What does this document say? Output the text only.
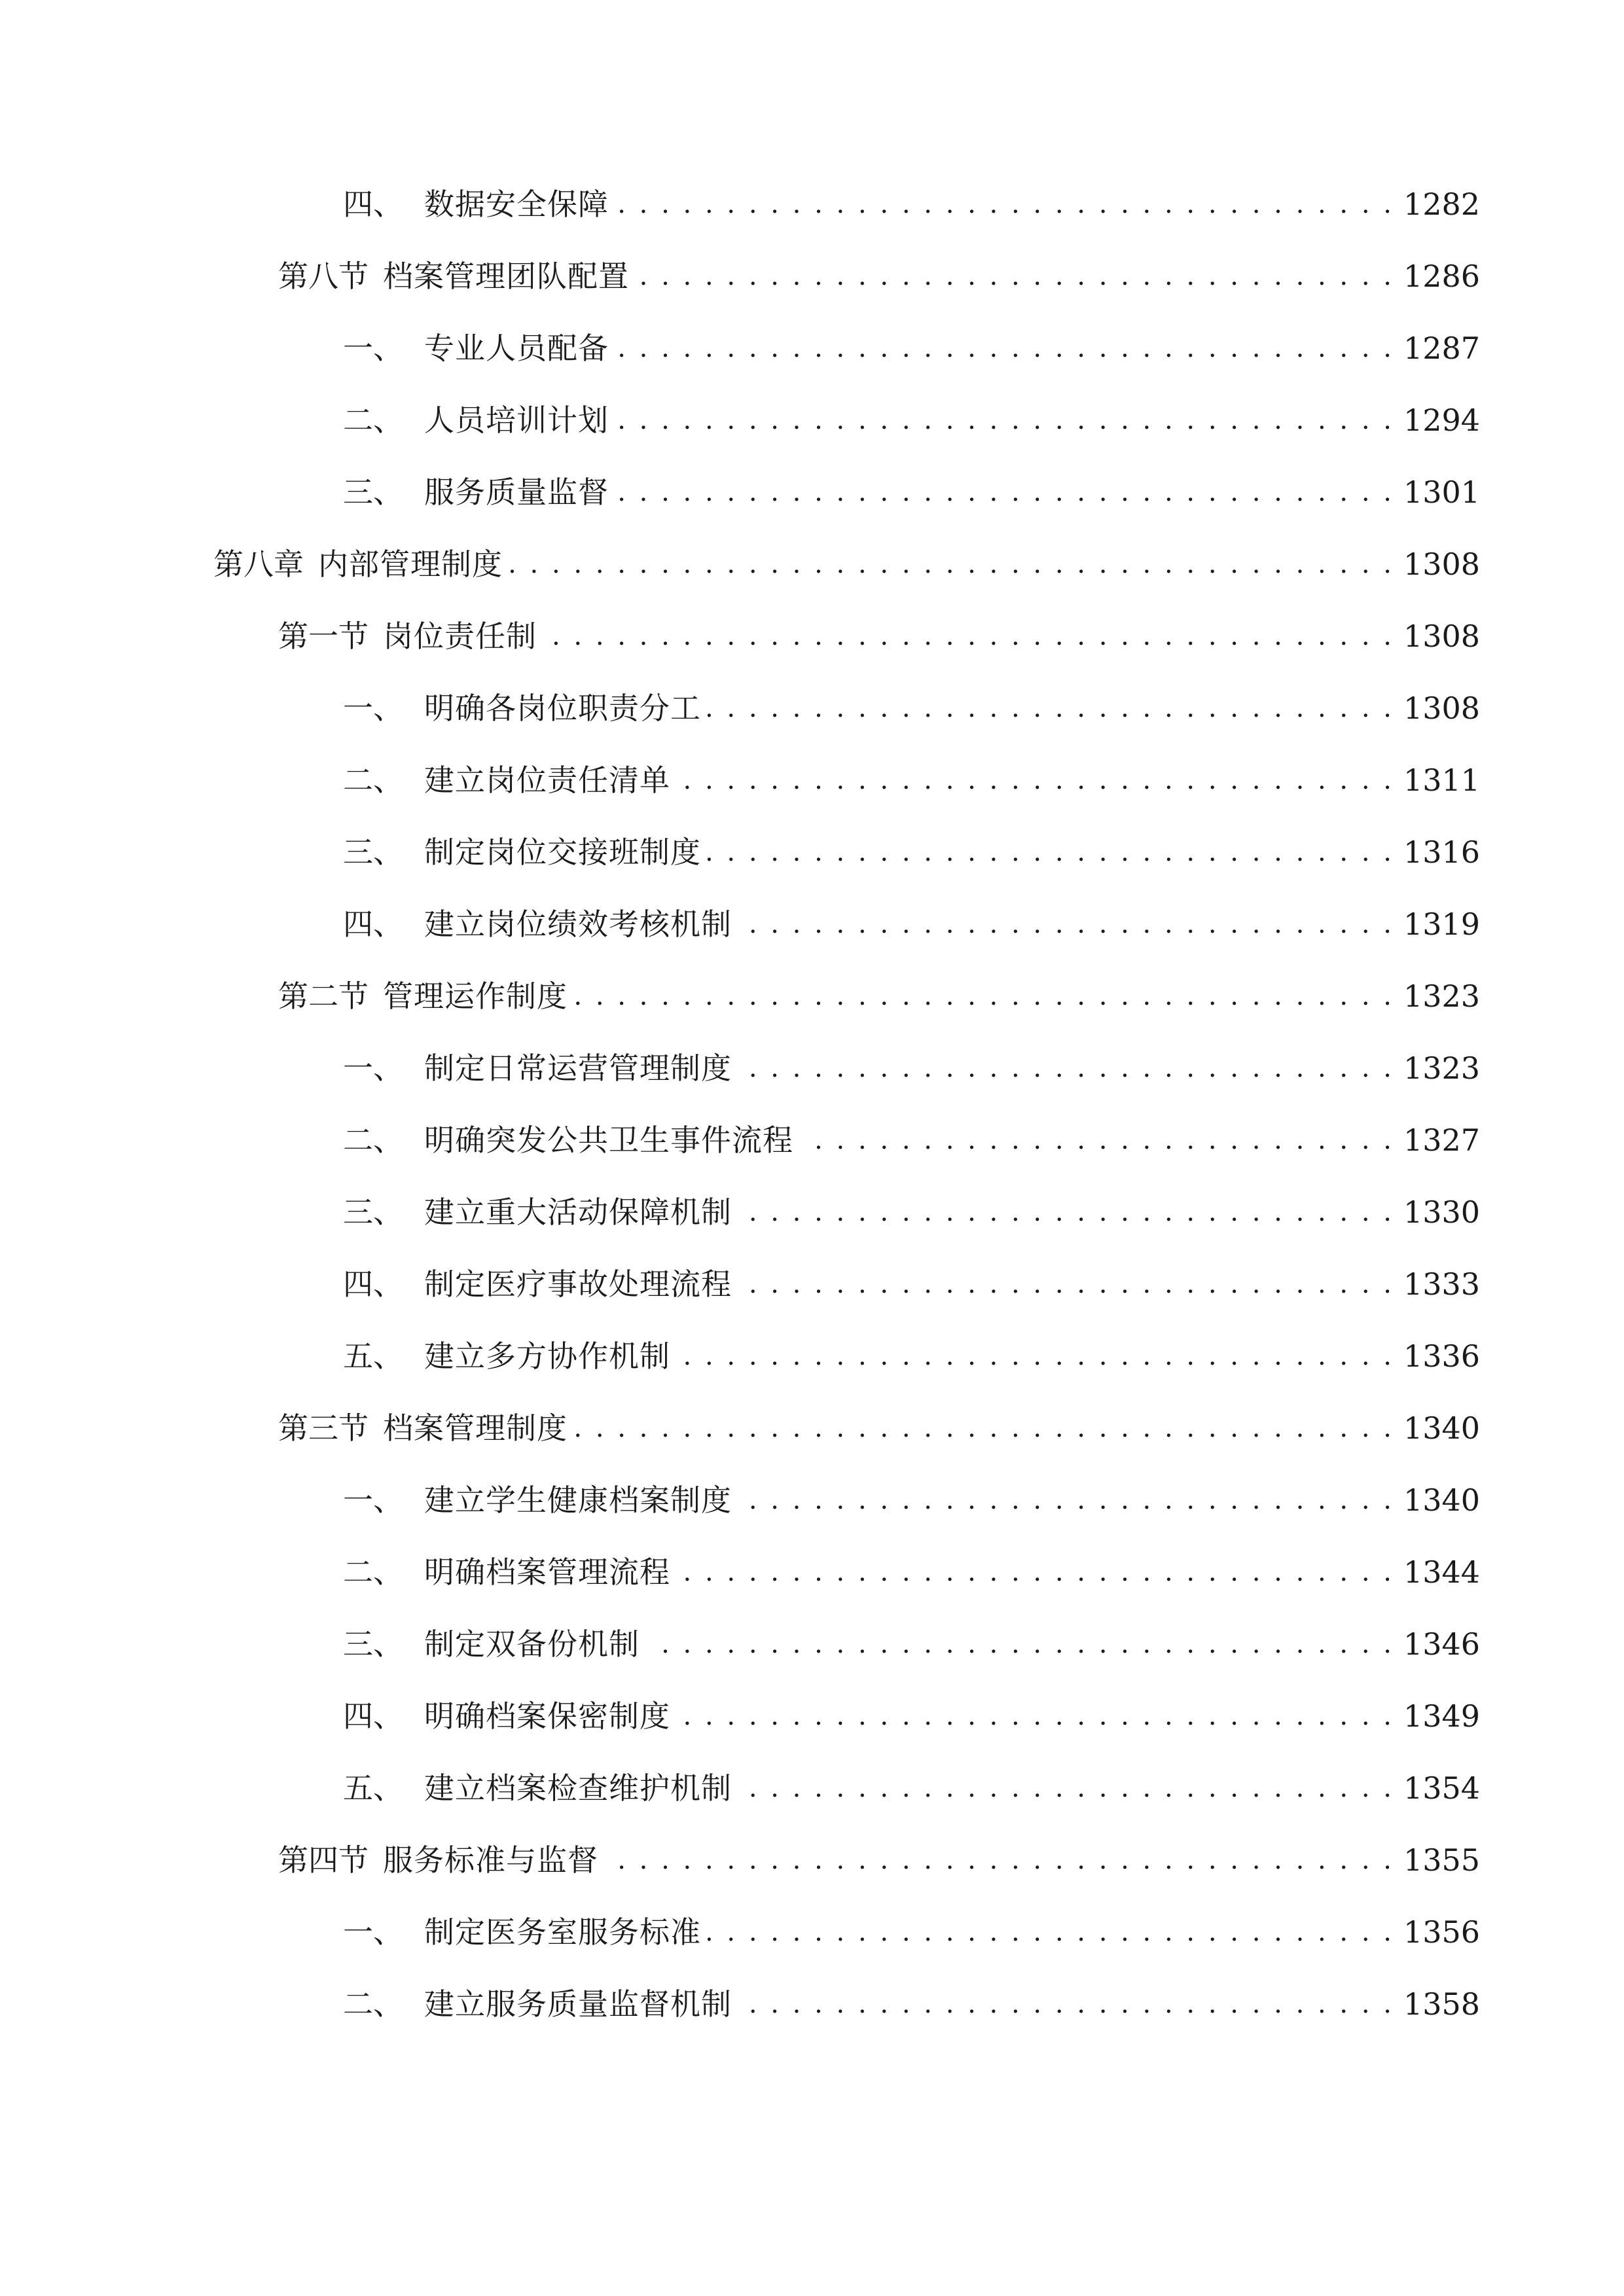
四、 数据安全保障 . . .	1282
第八节 档案管理团队配置 . . .	1286
一、 专业人员配备 . . .	1287
二、 人员培训计划 . . .	1294
三、 服务质量监督 . . .	1301
第八章 内部管理制度 . . .	1308
第一节 岗位责任制 . . .	1308
一、 明确各岗位职责分工 . . .	1308
二、 建立岗位责任清单 . . .	1311
三、 制定岗位交接班制度 . . .	1316
四、 建立岗位绩效考核机制 . . .	1319
第二节 管理运作制度 . . .	1323
一、 制定日常运营管理制度 . . .	1323
二、 明确突发公共卫生事件流程 . . .	1327
三、 建立重大活动保障机制 . . .	1330
四、 制定医疗事故处理流程 . . .	1333
五、 建立多方协作机制 . . .	1336
第三节 档案管理制度 . . .	1340
一、 建立学生健康档案制度 . . .	1340
二、 明确档案管理流程 . . .	1344
三、 制定双备份机制 . . .	1346
四、 明确档案保密制度 . . .	1349
五、 建立档案检查维护机制 . . .	1354
第四节 服务标准与监督 . . .	1355
一、 制定医务室服务标准 . . .	1356
二、 建立服务质量监督机制 . . .	1358
